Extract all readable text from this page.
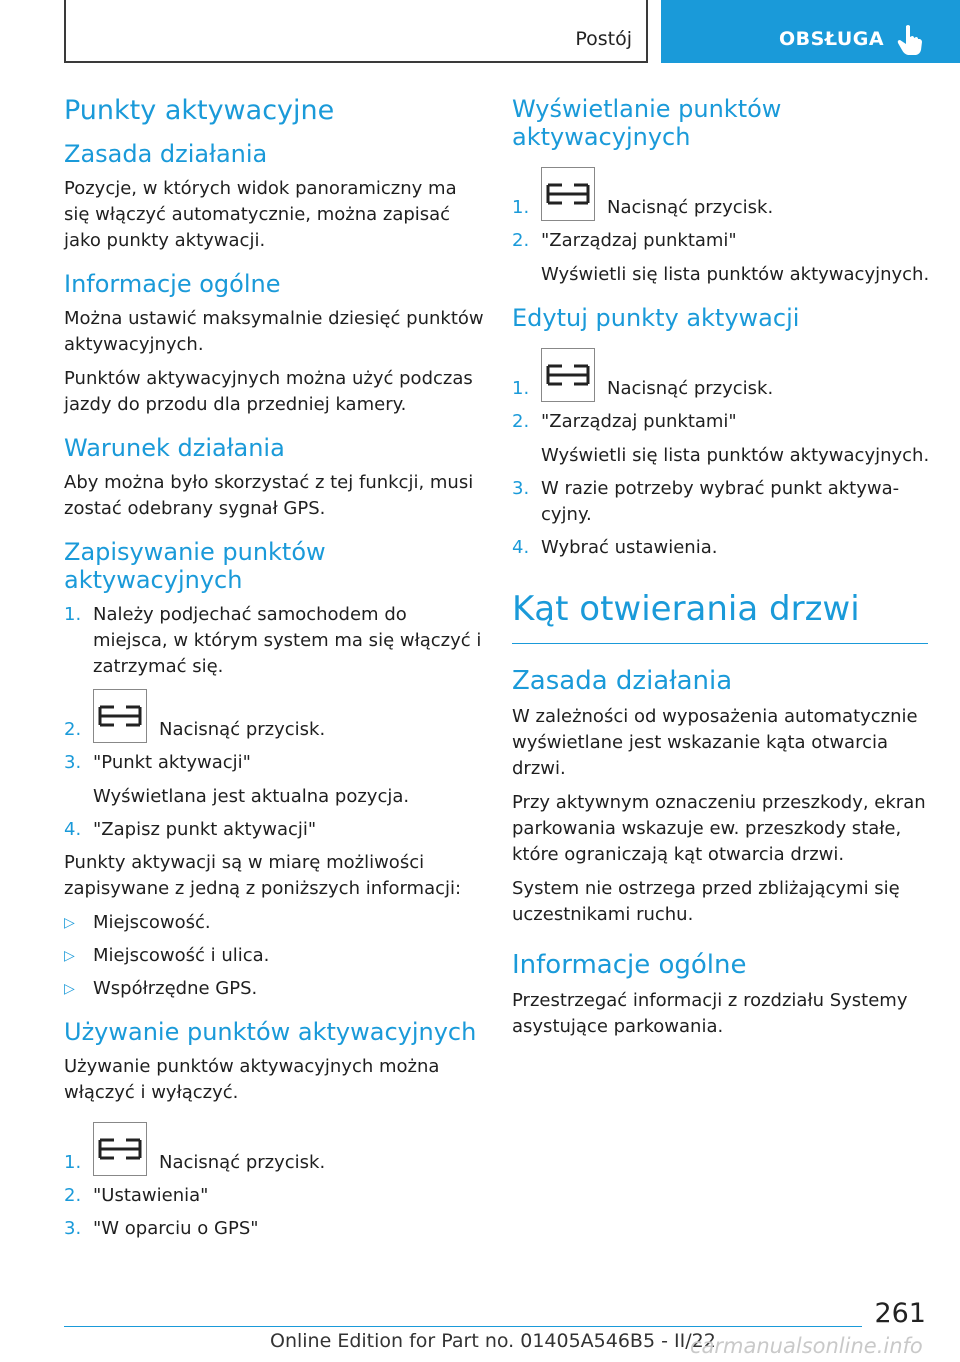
Postój	OBSŁUGA
Punkty aktywacyjne
Zasada działania

Pozycje, w których widok panoramiczny ma się włączyć automatycznie, można zapisać jako punkty aktywacji.

Informacje ogólne

Można ustawić maksymalnie dziesięć punktów aktywacyjnych.

Punktów aktywacyjnych można użyć podczas jazdy do przodu dla przedniej kamery.

Warunek działania

Aby można było skorzystać z tej funkcji, musi zostać odebrany sygnał GPS.

Zapisywanie punktów aktywacyjnych
1. Należy podjechać samochodem do miejsca, w którym system ma się włączyć i zatrzymać się.
2.	Nacisnąć przycisk.
3. "Punkt aktywacji"
Wyświetlana jest aktualna pozycja.
4. "Zapisz punkt aktywacji"

Punkty aktywacji są w miarę możliwości zapisywane z jedną z poniższych informacji:

▷ Miejscowość.
▷ Miejscowość i ulica.
▷ Współrzędne GPS.
Używanie punktów aktywacyjnych

Używanie punktów aktywacyjnych można włączyć i wyłączyć.

1.	Nacisnąć przycisk.
2. "Ustawienia"
3. "W oparciu o GPS"
Wyświetlanie punktów aktywacyjnych
1.	Nacisnąć przycisk.
2. "Zarządzaj punktami"
Wyświetli się lista punktów aktywacyjnych.
Edytuj punkty aktywacji
1.	Nacisnąć przycisk.
2. "Zarządzaj punktami"
Wyświetli się lista punktów aktywacyjnych.
3. W razie potrzeby wybrać punkt aktywacyjny.
4. Wybrać ustawienia.
Kąt otwierania drzwi
Zasada działania

W zależności od wyposażenia automatycznie wyświetlane jest wskazanie kąta otwarcia drzwi.

Przy aktywnym oznaczeniu przeszkody, ekran parkowania wskazuje ew. przeszkody stałe, które ograniczają kąt otwarcia drzwi.

System nie ostrzega przed zbliżającymi się uczestnikami ruchu.

Informacje ogólne

Przestrzegać informacji z rozdziału Systemy asystujące parkowania.

261
Online Edition for Part no. 01405A546B5 - II/22
carmanualsonline.info
